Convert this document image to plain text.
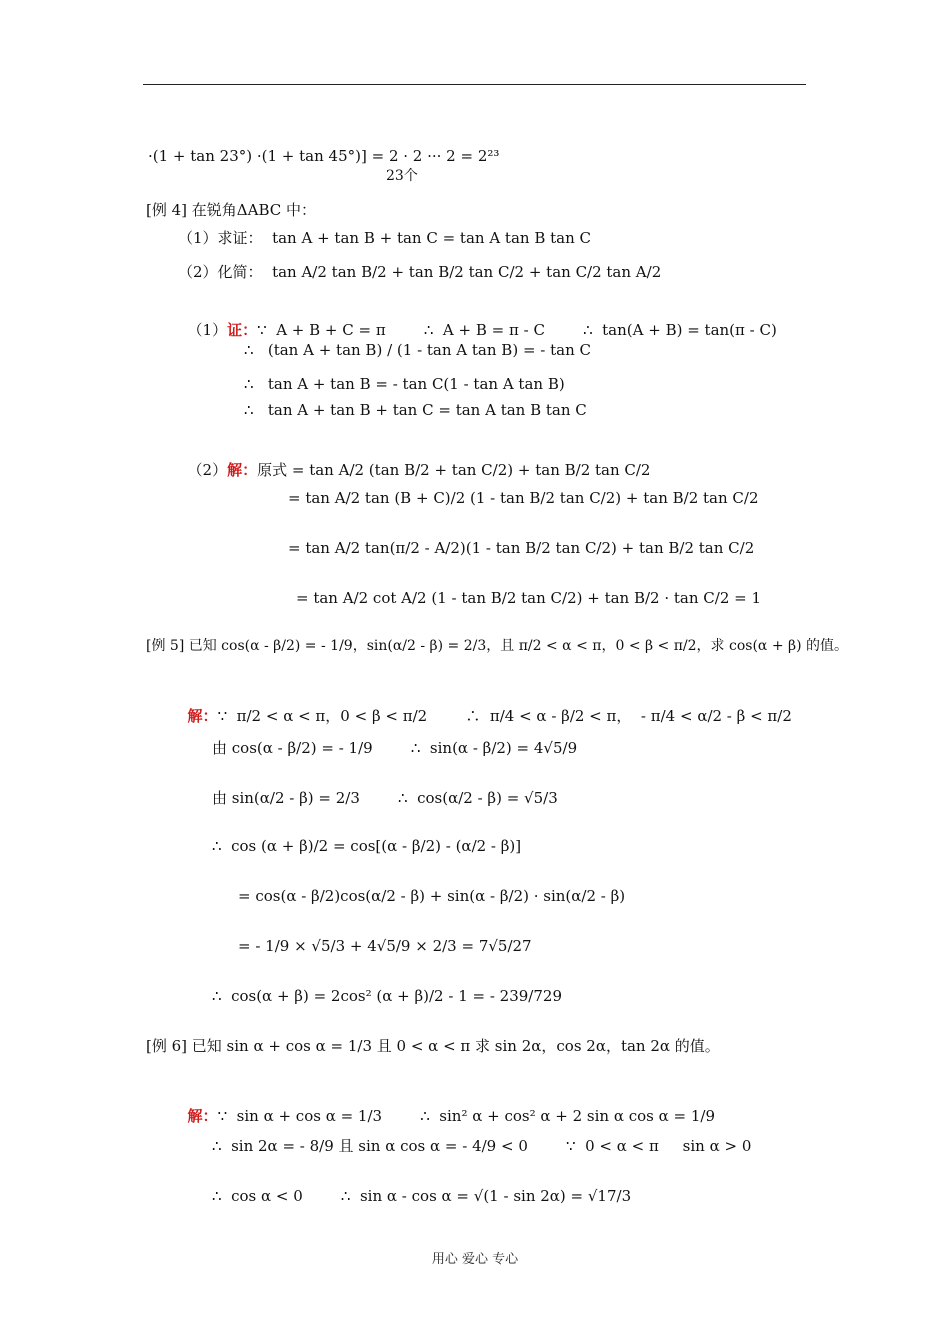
·(1 + tan 23°) ·(1 + tan 45°)] = 2 · 2 ··· 2 = 2²³
23个
[例 4] 在锐角ΔABC 中：
（1）求证：  tan A + tan B + tan C = tan A tan B tan C
（2）化简：  tan A/2 tan B/2 + tan B/2 tan C/2 + tan C/2 tan A/2

（1）证：∵  A + B + C = π        ∴  A + B = π - C        ∴  tan(A + B) = tan(π - C)

∴   (tan A + tan B) / (1 - tan A tan B) = - tan C
∴   tan A + tan B = - tan C(1 - tan A tan B)
∴   tan A + tan B + tan C = tan A tan B tan C

（2）解：原式 = tan A/2 (tan B/2 + tan C/2) + tan B/2 tan C/2

= tan A/2 tan (B + C)/2 (1 - tan B/2 tan C/2) + tan B/2 tan C/2
= tan A/2 tan(π/2 - A/2)(1 - tan B/2 tan C/2) + tan B/2 tan C/2
= tan A/2 cot A/2 (1 - tan B/2 tan C/2) + tan B/2 · tan C/2 = 1
[例 5] 已知 cos(α - β/2) = - 1/9，sin(α/2 - β) = 2/3，且 π/2 < α < π，0 < β < π/2，求 cos(α + β) 的值。

解：∵  π/2 < α < π，0 < β < π/2        ∴  π/4 < α - β/2 < π，  - π/4 < α/2 - β < π/2

由 cos(α - β/2) = - 1/9        ∴  sin(α - β/2) = 4√5/9
由 sin(α/2 - β) = 2/3        ∴  cos(α/2 - β) = √5/3
∴  cos (α + β)/2 = cos[(α - β/2) - (α/2 - β)]
= cos(α - β/2)cos(α/2 - β) + sin(α - β/2) · sin(α/2 - β)
= - 1/9 × √5/3 + 4√5/9 × 2/3 = 7√5/27
∴  cos(α + β) = 2cos² (α + β)/2 - 1 = - 239/729
[例 6] 已知 sin α + cos α = 1/3 且 0 < α < π 求 sin 2α，cos 2α，tan 2α 的值。

解：∵  sin α + cos α = 1/3        ∴  sin² α + cos² α + 2 sin α cos α = 1/9

∴  sin 2α = - 8/9 且 sin α cos α = - 4/9 < 0        ∵  0 < α < π     sin α > 0
∴  cos α < 0        ∴  sin α - cos α = √(1 - sin 2α) = √17/3
用心 爱心 专心
